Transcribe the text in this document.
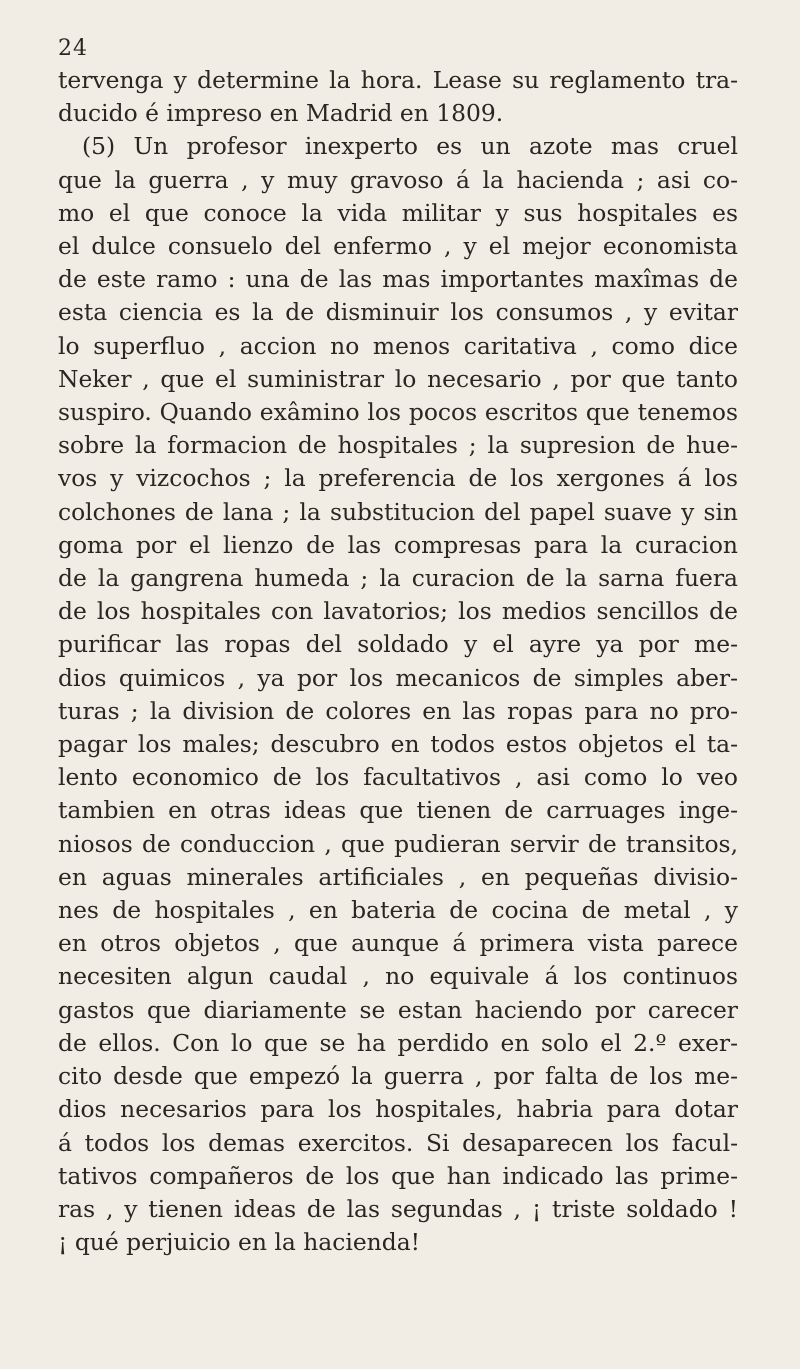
24
tervenga y determine la hora. Lease su reglamento tra-
ducido é impreso en Madrid en 1809.
(5) Un profesor inexperto es un azote mas cruel
que la guerra , y muy gravoso á la hacienda ; asi co-
mo el que conoce la vida militar y sus hospitales es
el dulce consuelo del enfermo , y el mejor economista
de este ramo : una de las mas importantes maxîmas de
esta ciencia es la de disminuir los consumos , y evitar
lo superfluo , accion no menos caritativa , como dice
Neker , que el suministrar lo necesario , por que tanto
suspiro. Quando exâmino los pocos escritos que tenemos
sobre la formacion de hospitales ; la supresion de hue-
vos y vizcochos ; la preferencia de los xergones á los
colchones de lana ; la substitucion del papel suave y sin
goma por el lienzo de las compresas para la curacion
de la gangrena humeda ; la curacion de la sarna fuera
de los hospitales con lavatorios; los medios sencillos de
purificar las ropas del soldado y el ayre ya por me-
dios quimicos , ya por los mecanicos de simples aber-
turas ; la division de colores en las ropas para no pro-
pagar los males; descubro en todos estos objetos el ta-
lento economico de los facultativos , asi como lo veo
tambien en otras ideas que tienen de carruages inge-
niosos de conduccion , que pudieran servir de transitos,
en aguas minerales artificiales , en pequeñas divisio-
nes de hospitales , en bateria de cocina de metal , y
en otros objetos , que aunque á primera vista parece
necesiten algun caudal , no equivale á los continuos
gastos que diariamente se estan haciendo por carecer
de ellos. Con lo que se ha perdido en solo el 2.º exer-
cito desde que empezó la guerra , por falta de los me-
dios necesarios para los hospitales, habria para dotar
á todos los demas exercitos. Si desaparecen los facul-
tativos compañeros de los que han indicado las prime-
ras , y tienen ideas de las segundas , ¡ triste soldado !
¡ qué perjuicio en la hacienda!
